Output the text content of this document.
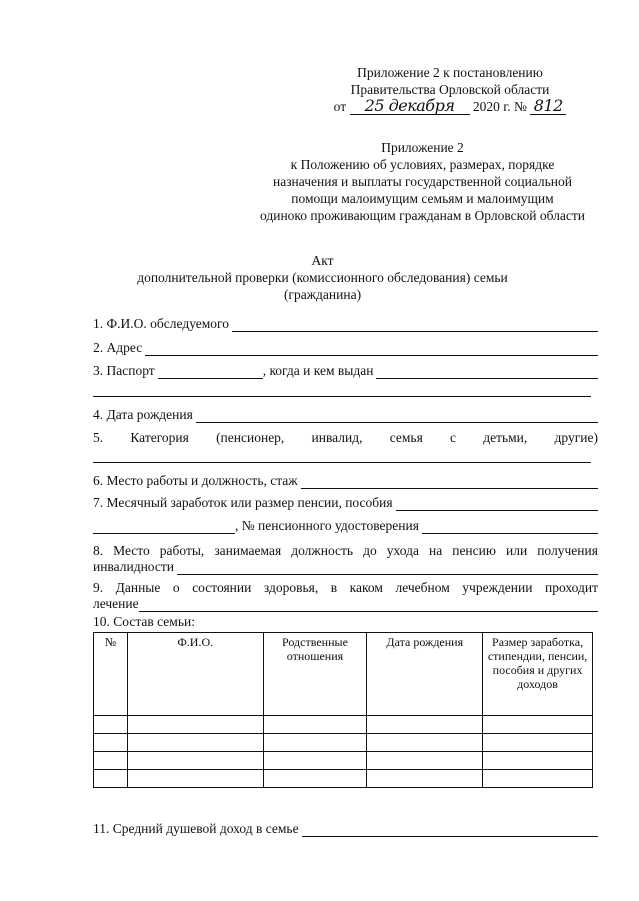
Приложение 2 к постановлению
Правительства Орловской области
от 25 декабря 2020 г. № 812
Приложение 2
к Положению об условиях, размерах, порядке
назначения и выплаты государственной социальной
помощи малоимущим семьям и малоимущим
одиноко проживающим гражданам в Орловской области
Акт
дополнительной проверки (комиссионного обследования) семьи
(гражданина)
1. Ф.И.О. обследуемого
2. Адрес
3. Паспорт	, когда и кем выдан
4. Дата рождения
5. Категория (пенсионер, инвалид, семья с детьми, другие)
6. Место работы и должность, стаж
7. Месячный заработок или размер пенсии, пособия
, № пенсионного удостоверения
8. Место работы, занимаемая должность до ухода на пенсию или получения
инвалидности
9. Данные о состоянии здоровья, в каком лечебном учреждении проходит
лечение
10. Состав семьи:
№	Ф.И.О.	Родственные отношения	Дата рождения	Размер заработка, стипендии, пенсии, пособия и других доходов

11. Средний душевой доход в семье
